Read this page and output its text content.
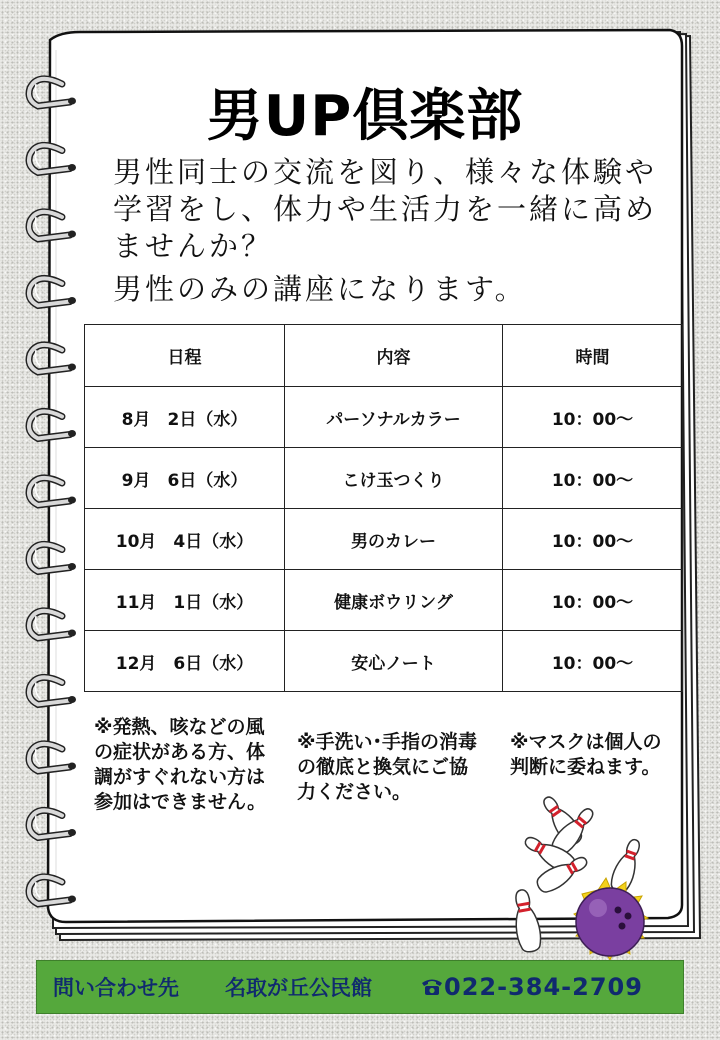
男UP倶楽部
男性同士の交流を図り、様々な体験や学習をし、体力や生活力を一緒に高めませんか？
男性のみの講座になります。
日程	内容	時間
8月　2日（水）	パーソナルカラー	10：00～
9月　6日（水）	こけ玉つくり	10：00～
10月　4日（水）	男のカレー	10：00～
11月　1日（水）	健康ボウリング	10：00～
12月　6日（水）	安心ノート	10：00～
※発熱、咳などの風の症状がある方、体調がすぐれない方は参加はできません。
※手洗い･手指の消毒の徹底と換気にご協力ください。
※マスクは個人の判断に委ねます。
問い合わせ先 名取が丘公民館	022-384-2709
